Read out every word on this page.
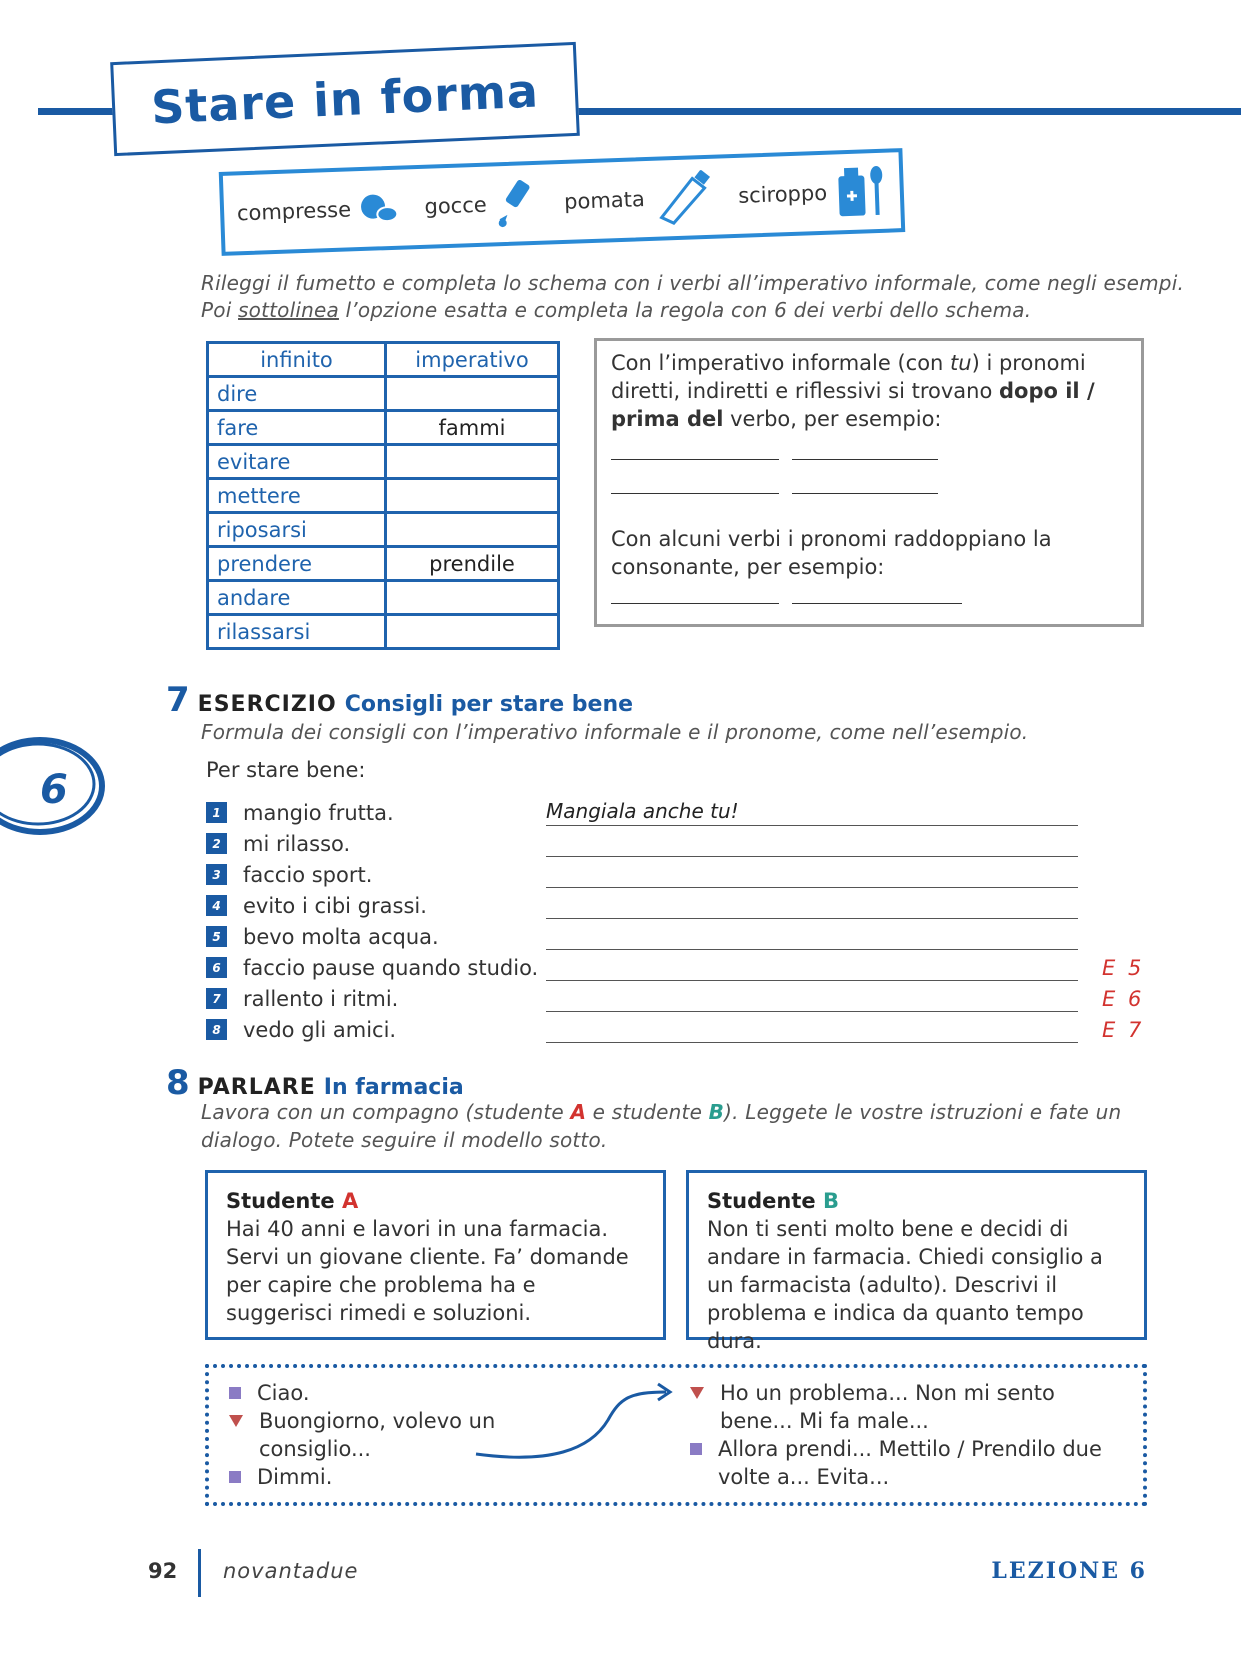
Stare in forma
compresse	gocce	pomata	sciroppo
Rileggi il fumetto e completa lo schema con i verbi all’imperativo informale, come negli esempi.
Poi sottolinea l’opzione esatta e completa la regola con 6 dei verbi dello schema.
infinito	imperativo
dire	
fare	fammi
evitare	
mettere	
riposarsi	
prendere	prendile
andare	
rilassarsi	
Con l’imperativo informale (con tu) i pronomi diretti, indiretti e riflessivi si trovano dopo il / prima del verbo, per esempio:

Con alcuni verbi i pronomi raddoppiano la consonante, per esempio:

6
7 ESERCIZIO Consigli per stare bene
Formula dei consigli con l’imperativo informale e il pronome, come nell’esempio.
Per stare bene:
1	mangio frutta.	Mangiala anche tu!
2	mi rilasso.
3	faccio sport.
4	evito i cibi grassi.
5	bevo molta acqua.
6	faccio pause quando studio.	E 5
7	rallento i ritmi.	E 6
8	vedo gli amici.	E 7
8 PARLARE In farmacia
Lavora con un compagno (studente A e studente B). Leggete le vostre istruzioni e fate un
dialogo. Potete seguire il modello sotto.
Studente A
Hai 40 anni e lavori in una farmacia. Servi un giovane cliente. Fa’ domande per capire che problema ha e suggerisci rimedi e soluzioni.
Studente B
Non ti senti molto bene e decidi di andare in farmacia. Chiedi consiglio a un farmacista (adulto). Descrivi il problema e indica da quanto tempo dura.
Ciao.
Buongiorno, volevo un consiglio...
Dimmi.
Ho un problema... Non mi sento bene... Mi fa male...
Allora prendi... Mettilo / Prendilo due volte a... Evita...
92 novantadue	LEZIONE 6
